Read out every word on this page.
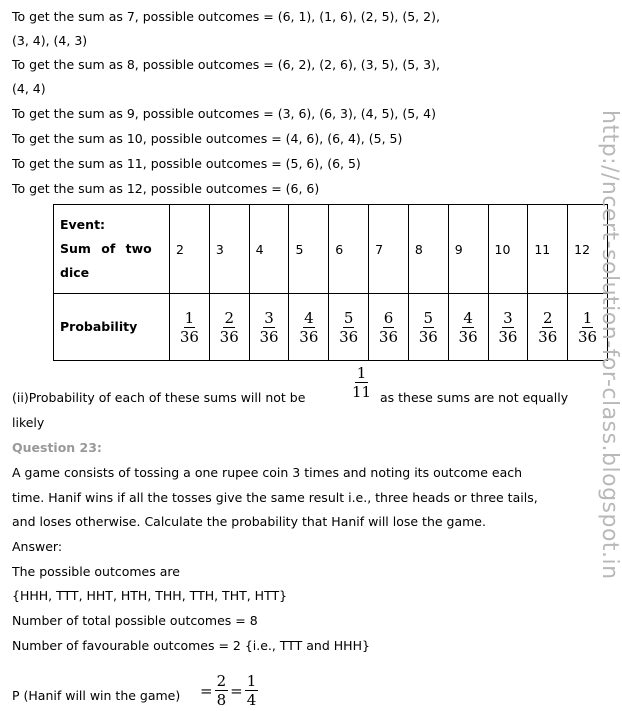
To get the sum as 7, possible outcomes = (6, 1), (1, 6), (2, 5), (5, 2),
(3, 4), (4, 3)
To get the sum as 8, possible outcomes = (6, 2), (2, 6), (3, 5), (5, 3),
(4, 4)
To get the sum as 9, possible outcomes = (3, 6), (6, 3), (4, 5), (5, 4)
To get the sum as 10, possible outcomes = (4, 6), (6, 4), (5, 5)
To get the sum as 11, possible outcomes = (5, 6), (6, 5)
To get the sum as 12, possible outcomes = (6, 6)
Event:
Sum of two dice	2	3	4	5	6	7	8	9	10	11	12
Probability	$\frac{1}{36}$	$\frac{2}{36}$	$\frac{3}{36}$	$\frac{4}{36}$	$\frac{5}{36}$	$\frac{6}{36}$	$\frac{5}{36}$	$\frac{4}{36}$	$\frac{3}{36}$	$\frac{2}{36}$	$\frac{1}{36}$
(ii)Probability of each of these sums will not be	$\frac{1}{11}$ as these sums are not equally
likely
Question 23:
A game consists of tossing a one rupee coin 3 times and noting its outcome each
time. Hanif wins if all the tosses give the same result i.e., three heads or three tails,
and loses otherwise. Calculate the probability that Hanif will lose the game.
Answer:
The possible outcomes are
{HHH, TTT, HHT, HTH, THH, TTH, THT, HTT}
Number of total possible outcomes = 8
Number of favourable outcomes = 2 {i.e., TTT and HHH}
P (Hanif will win the game) = $\frac{2}{8} = \frac{1}{4}$
http://ncert-solution-for-class.blogspot.in
